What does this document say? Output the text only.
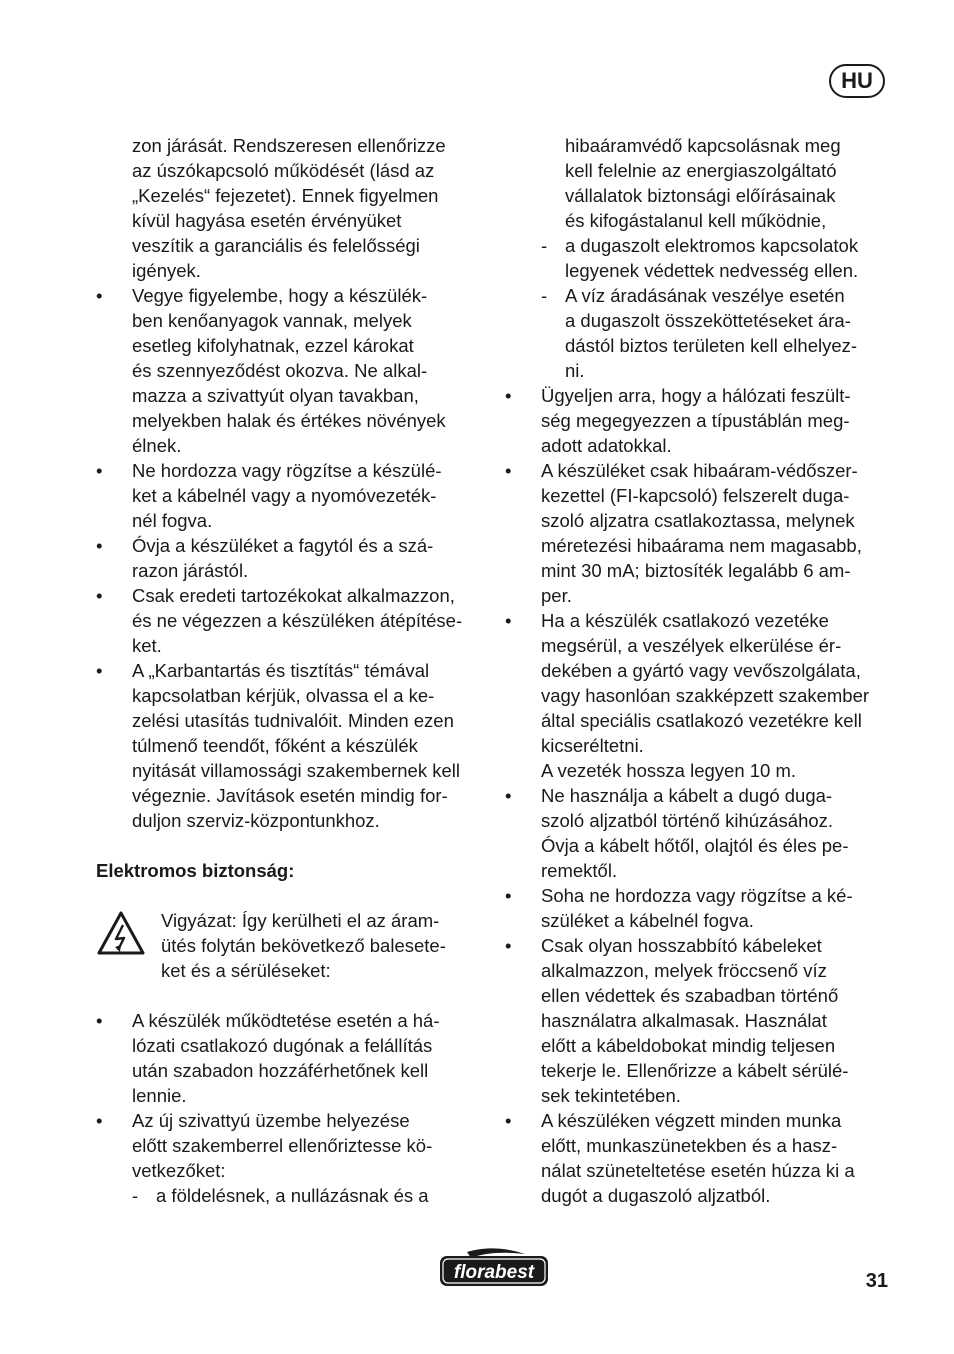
HU
zon járását. Rendszeresen ellenőrizze
az úszókapcsoló működését (lásd az
„Kezelés“ fejezetet). Ennek figyelmen
kívül hagyása esetén érvényüket
veszítik a garanciális és felelősségi
igények.
• Vegye figyelembe, hogy a készülék-
ben kenőanyagok vannak, melyek
esetleg kifolyhatnak, ezzel károkat
és szennyeződést okozva. Ne alkal-
mazza a szivattyút olyan tavakban,
melyekben halak és értékes növények
élnek.
• Ne hordozza vagy rögzítse a készülé-
ket a kábelnél vagy a nyomóvezeték-
nél fogva.
• Óvja a készüléket a fagytól és a szá-
razon járástól.
• Csak eredeti tartozékokat alkalmazzon,
és ne végezzen a készüléken átépítése-
ket.
• A „Karbantartás és tisztítás“ témával
kapcsolatban kérjük, olvassa el a ke-
zelési utasítás tudnivalóit. Minden ezen
túlmenő teendőt, főként a készülék
nyitását villamossági szakembernek kell
végeznie. Javítások esetén mindig for-
duljon szerviz-központunkhoz.
Elektromos biztonság:
Vigyázat: Így kerülheti el az áram-
ütés folytán bekövetkező balesete-
ket és a sérüléseket:
• A készülék működtetése esetén a há-
lózati csatlakozó dugónak a felállítás
után szabadon hozzáférhetőnek kell
lennie.
• Az új szivattyú üzembe helyezése
előtt szakemberrel ellenőriztesse kö-
vetkezőket:
- a földelésnek, a nullázásnak és a
hibaáramvédő kapcsolásnak meg
kell felelnie az energiaszolgáltató
vállalatok biztonsági előírásainak
és kifogástalanul kell működnie,
- a dugaszolt elektromos kapcsolatok
legyenek védettek nedvesség ellen.
- A víz áradásának veszélye esetén
a dugaszolt összeköttetéseket ára-
dástól biztos területen kell elhelyez-
ni.
• Ügyeljen arra, hogy a hálózati feszült-
ség megegyezzen a típustáblán meg-
adott adatokkal.
• A készüléket csak hibaáram-védőszer-
kezettel (FI-kapcsoló) felszerelt duga-
szoló aljzatra csatlakoztassa, melynek
méretezési hibaárama nem magasabb,
mint 30 mA; biztosíték legalább 6 am-
per.
• Ha a készülék csatlakozó vezetéke
megsérül, a veszélyek elkerülése ér-
dekében a gyártó vagy vevőszolgálata,
vagy hasonlóan szakképzett szakember
által speciális csatlakozó vezetékre kell
kicseréltetni.
A vezeték hossza legyen 10 m.
• Ne használja a kábelt a dugó duga-
szoló aljzatból történő kihúzásához.
Óvja a kábelt hőtől, olajtól és éles pe-
remektől.
• Soha ne hordozza vagy rögzítse a ké-
szüléket a kábelnél fogva.
• Csak olyan hosszabbító kábeleket
alkalmazzon, melyek fröccsenő víz
ellen védettek és szabadban történő
használatra alkalmasak. Használat
előtt a kábeldobokat mindig teljesen
tekerje le. Ellenőrizze a kábelt sérülé-
sek tekintetében.
• A készüléken végzett minden munka
előtt, munkaszünetekben és a hasz-
nálat szüneteltetése esetén húzza ki a
dugót a dugaszoló aljzatból.
florabest	31
